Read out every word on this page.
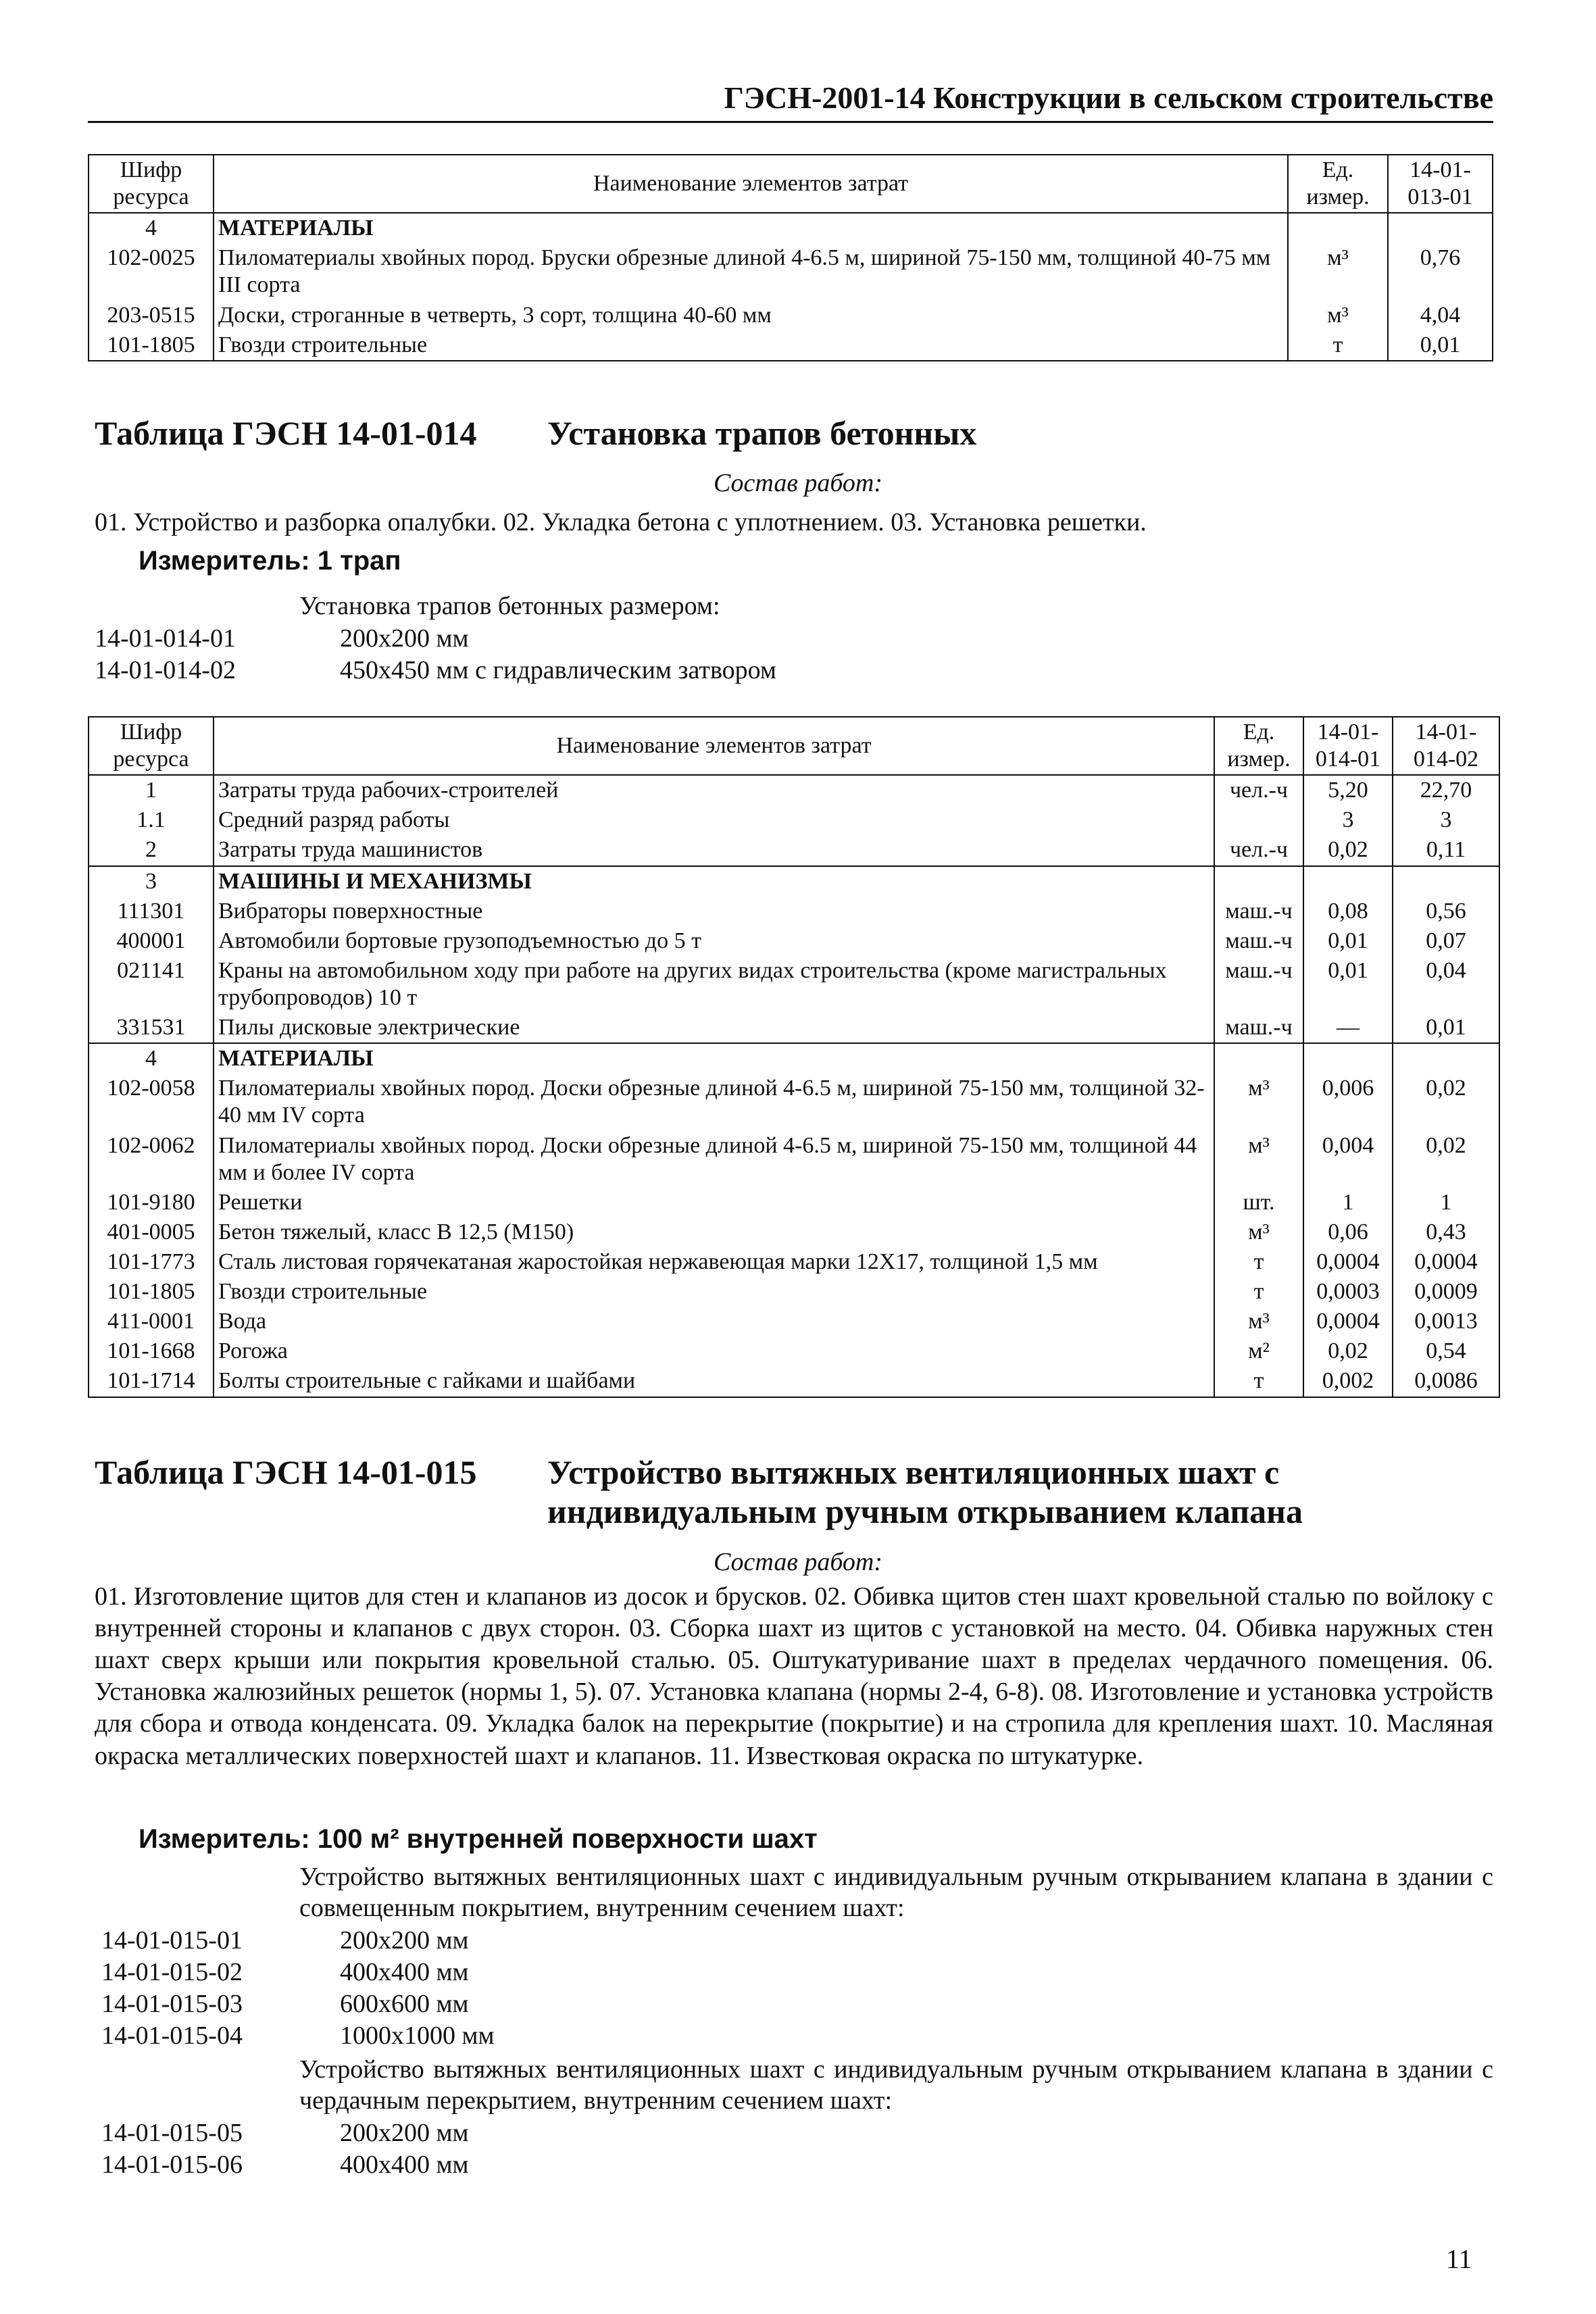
ГЭСН-2001-14 Конструкции в сельском строительстве
Шифр ресурса	Наименование элементов затрат	Ед. измер.	14-01-013-01
4	МАТЕРИАЛЫ		
102-0025	Пиломатериалы хвойных пород. Бруски обрезные длиной 4-6.5 м, шириной 75-150 мм, толщиной 40-75 мм III сорта	м³	0,76
203-0515	Доски, строганные в четверть, 3 сорт, толщина 40-60 мм	м³	4,04
101-1805	Гвозди строительные	т	0,01
Таблица ГЭСН 14-01-014 Установка трапов бетонных
Состав работ:
01. Устройство и разборка опалубки. 02. Укладка бетона с уплотнением. 03. Установка решетки.
Измеритель: 1 трап
Установка трапов бетонных размером:
14-01-014-01	200х200 мм
14-01-014-02	450х450 мм с гидравлическим затвором
Шифр ресурса	Наименование элементов затрат	Ед. измер.	14-01-014-01	14-01-014-02
1	Затраты труда рабочих-строителей	чел.-ч	5,20	22,70
1.1	Средний разряд работы		3	3
2	Затраты труда машинистов	чел.-ч	0,02	0,11
3	МАШИНЫ И МЕХАНИЗМЫ			
111301	Вибраторы поверхностные	маш.-ч	0,08	0,56
400001	Автомобили бортовые грузоподъемностью до 5 т	маш.-ч	0,01	0,07
021141	Краны на автомобильном ходу при работе на других видах строительства (кроме магистральных трубопроводов) 10 т	маш.-ч	0,01	0,04
331531	Пилы дисковые электрические	маш.-ч	—	0,01
4	МАТЕРИАЛЫ			
102-0058	Пиломатериалы хвойных пород. Доски обрезные длиной 4-6.5 м, шириной 75-150 мм, толщиной 32-40 мм IV сорта	м³	0,006	0,02
102-0062	Пиломатериалы хвойных пород. Доски обрезные длиной 4-6.5 м, шириной 75-150 мм, толщиной 44 мм и более IV сорта	м³	0,004	0,02
101-9180	Решетки	шт.	1	1
401-0005	Бетон тяжелый, класс В 12,5 (М150)	м³	0,06	0,43
101-1773	Сталь листовая горячекатаная жаростойкая нержавеющая марки 12Х17, толщиной 1,5 мм	т	0,0004	0,0004
101-1805	Гвозди строительные	т	0,0003	0,0009
411-0001	Вода	м³	0,0004	0,0013
101-1668	Рогожа	м²	0,02	0,54
101-1714	Болты строительные с гайками и шайбами	т	0,002	0,0086
Таблица ГЭСН 14-01-015 Устройство вытяжных вентиляционных шахт с
индивидуальным ручным открыванием клапана
Состав работ:
01. Изготовление щитов для стен и клапанов из досок и брусков. 02. Обивка щитов стен шахт кровельной сталью по войлоку с внутренней стороны и клапанов с двух сторон. 03. Сборка шахт из щитов с установкой на место. 04. Обивка наружных стен шахт сверх крыши или покрытия кровельной сталью. 05. Оштукатуривание шахт в пределах чердачного помещения. 06. Установка жалюзийных решеток (нормы 1, 5). 07. Установка клапана (нормы 2-4, 6-8). 08. Изготовление и установка устройств для сбора и отвода конденсата. 09. Укладка балок на перекрытие (покрытие) и на стропила для крепления шахт. 10. Масляная окраска металлических поверхностей шахт и клапанов. 11. Известковая окраска по штукатурке.
Измеритель: 100 м² внутренней поверхности шахт
Устройство вытяжных вентиляционных шахт с индивидуальным ручным открыванием клапана в здании с совмещенным покрытием, внутренним сечением шахт:
14-01-015-01	200х200 мм
14-01-015-02	400х400 мм
14-01-015-03	600х600 мм
14-01-015-04	1000х1000 мм
Устройство вытяжных вентиляционных шахт с индивидуальным ручным открыванием клапана в здании с чердачным перекрытием, внутренним сечением шахт:
14-01-015-05	200х200 мм
14-01-015-06	400х400 мм
11
